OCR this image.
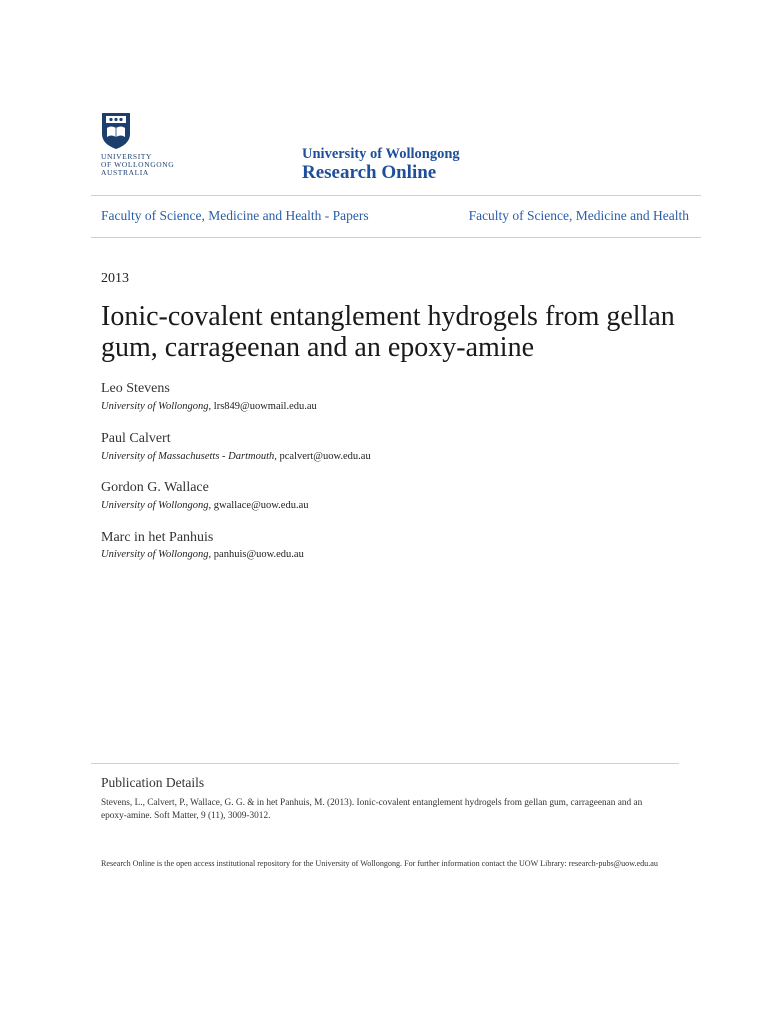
UNIVERSITY
OF WOLLONGONG
AUSTRALIA
University of Wollongong
Research Online
Faculty of Science, Medicine and Health - Papers	Faculty of Science, Medicine and Health
2013
Ionic-covalent entanglement hydrogels from gellan gum, carrageenan and an epoxy-amine
Leo Stevens
University of Wollongong, lrs849@uowmail.edu.au
Paul Calvert
University of Massachusetts - Dartmouth, pcalvert@uow.edu.au
Gordon G. Wallace
University of Wollongong, gwallace@uow.edu.au
Marc in het Panhuis
University of Wollongong, panhuis@uow.edu.au
Publication Details
Stevens, L., Calvert, P., Wallace, G. G. & in het Panhuis, M. (2013). Ionic-covalent entanglement hydrogels from gellan gum, carrageenan and an epoxy-amine. Soft Matter, 9 (11), 3009-3012.
Research Online is the open access institutional repository for the University of Wollongong. For further information contact the UOW Library: research-pubs@uow.edu.au
